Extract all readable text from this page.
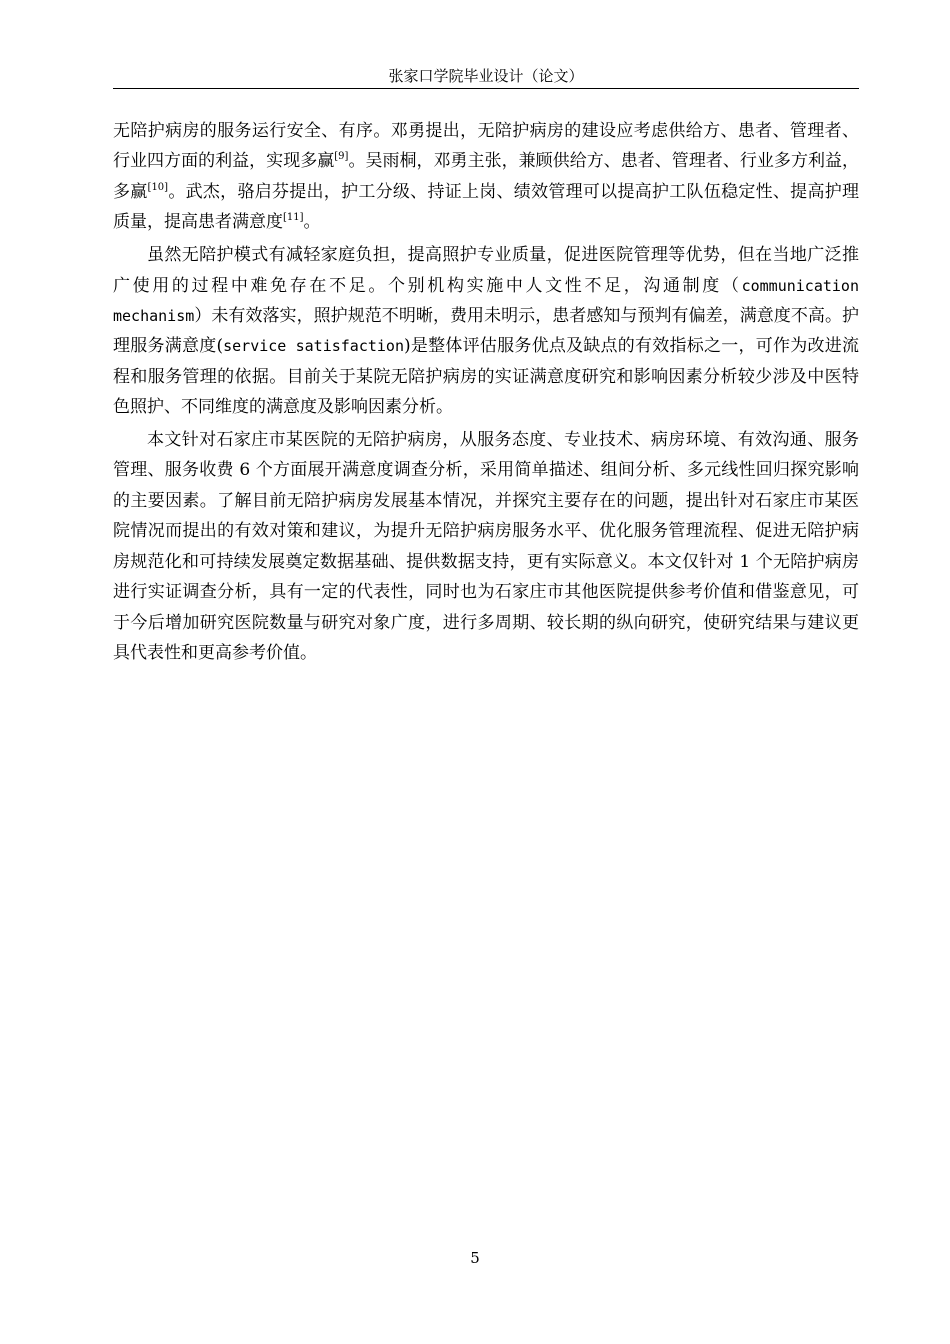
张家口学院毕业设计（论文）

无陪护病房的服务运行安全、有序。邓勇提出，无陪护病房的建设应考虑供给方、患者、管理者、行业四方面的利益，实现多赢[9]。吴雨桐，邓勇主张，兼顾供给方、患者、管理者、行业多方利益，多赢[10]。武杰，骆启芬提出，护工分级、持证上岗、绩效管理可以提高护工队伍稳定性、提高护理质量，提高患者满意度[11]。

虽然无陪护模式有减轻家庭负担，提高照护专业质量，促进医院管理等优势，但在当地广泛推广使用的过程中难免存在不足。个别机构实施中人文性不足，沟通制度（communication mechanism）未有效落实，照护规范不明晰，费用未明示，患者感知与预判有偏差，满意度不高。护理服务满意度(service satisfaction)是整体评估服务优点及缺点的有效指标之一，可作为改进流程和服务管理的依据。目前关于某院无陪护病房的实证满意度研究和影响因素分析较少涉及中医特色照护、不同维度的满意度及影响因素分析。

本文针对石家庄市某医院的无陪护病房，从服务态度、专业技术、病房环境、有效沟通、服务管理、服务收费 6 个方面展开满意度调查分析，采用简单描述、组间分析、多元线性回归探究影响的主要因素。了解目前无陪护病房发展基本情况，并探究主要存在的问题，提出针对石家庄市某医院情况而提出的有效对策和建议，为提升无陪护病房服务水平、优化服务管理流程、促进无陪护病房规范化和可持续发展奠定数据基础、提供数据支持，更有实际意义。本文仅针对 1 个无陪护病房进行实证调查分析，具有一定的代表性，同时也为石家庄市其他医院提供参考价值和借鉴意见，可于今后增加研究医院数量与研究对象广度，进行多周期、较长期的纵向研究，使研究结果与建议更具代表性和更高参考价值。

5
